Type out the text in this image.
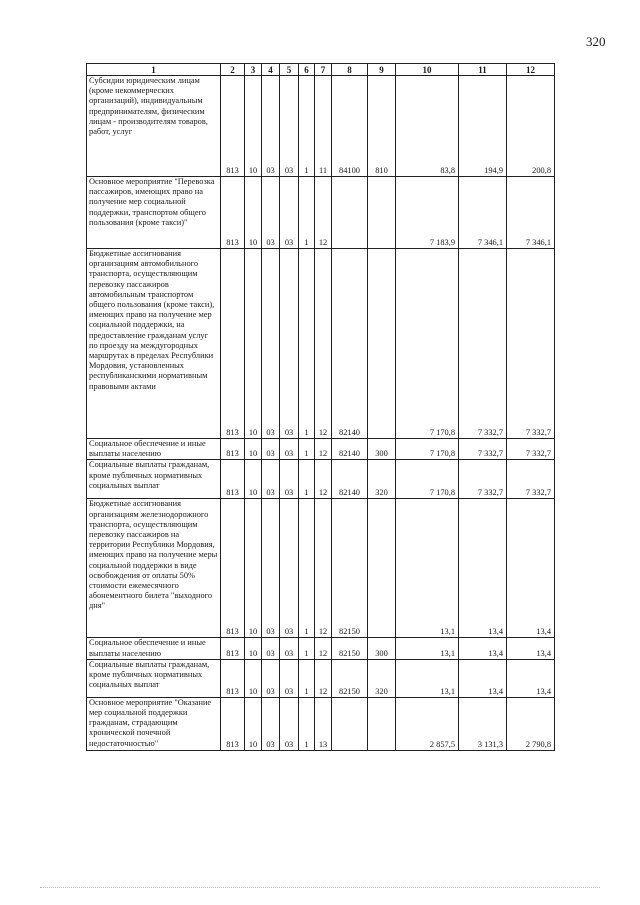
320
1	2	3	4	5	6	7	8	9	10	11	12
Субсидии юридическим лицам (кроме некоммерческих организаций), индивидуальным предпринимателям, физическим лицам - производителям товаров, работ, услуг	813	10	03	03	1	11	84100	810	83,8	194,9	200,8
Основное мероприятие "Перевозка пассажиров, имеющих право на получение мер социальной поддержки, транспортом общего пользования (кроме такси)"	813	10	03	03	1	12			7 183,9	7 346,1	7 346,1
Бюджетные ассигнования организациям автомобильного транспорта, осуществляющим перевозку пассажиров автомобильным транспортом общего пользования (кроме такси), имеющих право на получение мер социальной поддержки, на предоставление гражданам услуг по проезду на междугородных маршрутах в пределах Республики Мордовия, установленных республиканскими нормативным правовыми актами	813	10	03	03	1	12	82140		7 170,8	7 332,7	7 332,7
Социальное обеспечение и иные выплаты населению	813	10	03	03	1	12	82140	300	7 170,8	7 332,7	7 332,7
Социальные выплаты гражданам, кроме публичных нормативных социальных выплат	813	10	03	03	1	12	82140	320	7 170,8	7 332,7	7 332,7
Бюджетные ассигнования организациям железнодорожного транспорта, осуществляющим перевозку пассажиров на территории Республики Мордовия, имеющих право на получение меры социальной поддержки в виде освобождения от оплаты 50% стоимости ежемесячного абонементного билета "выходного дня"	813	10	03	03	1	12	82150		13,1	13,4	13,4
Социальное обеспечение и иные выплаты населению	813	10	03	03	1	12	82150	300	13,1	13,4	13,4
Социальные выплаты гражданам, кроме публичных нормативных социальных выплат	813	10	03	03	1	12	82150	320	13,1	13,4	13,4
Основное мероприятие "Оказание мер социальной поддержки гражданам, страдающим хронической почечной недостаточностью"	813	10	03	03	1	13			2 857,5	3 131,3	2 790,8
